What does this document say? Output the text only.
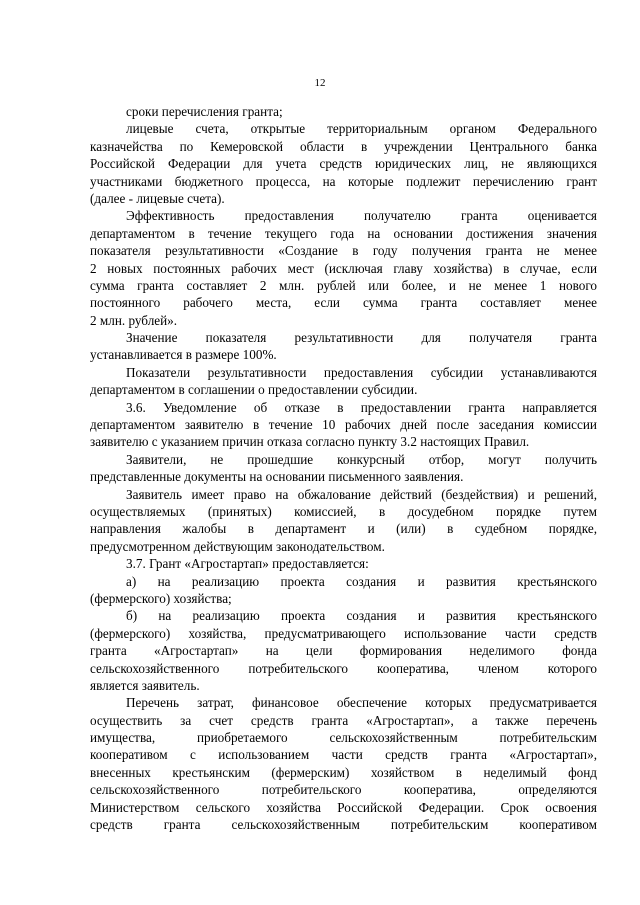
12
сроки перечисления гранта;
лицевые счета, открытые территориальным органом Федерального
казначейства по Кемеровской области в учреждении Центрального банка
Российской Федерации для учета средств юридических лиц, не являющихся
участниками бюджетного процесса, на которые подлежит перечислению грант
(далее - лицевые счета).
Эффективность предоставления получателю гранта оценивается
департаментом в течение текущего года на основании достижения значения
показателя результативности «Создание в году получения гранта не менее
2 новых постоянных рабочих мест (исключая главу хозяйства) в случае, если
сумма гранта составляет 2 млн. рублей или более, и не менее 1 нового
постоянного рабочего места, если сумма гранта составляет менее
2 млн. рублей».
Значение показателя результативности для получателя гранта
устанавливается в размере 100%.
Показатели результативности предоставления субсидии устанавливаются
департаментом в соглашении о предоставлении субсидии.
3.6. Уведомление об отказе в предоставлении гранта направляется
департаментом заявителю в течение 10 рабочих дней после заседания комиссии
заявителю с указанием причин отказа согласно пункту 3.2 настоящих Правил.
Заявители, не прошедшие конкурсный отбор, могут получить
представленные документы на основании письменного заявления.
Заявитель имеет право на обжалование действий (бездействия) и решений,
осуществляемых (принятых) комиссией, в досудебном порядке путем
направления жалобы в департамент и (или) в судебном порядке,
предусмотренном действующим законодательством.
3.7. Грант «Агростартап» предоставляется:
а) на реализацию проекта создания и развития крестьянского
(фермерского) хозяйства;
б) на реализацию проекта создания и развития крестьянского
(фермерского) хозяйства, предусматривающего использование части средств
гранта «Агростартап» на цели формирования неделимого фонда
сельскохозяйственного потребительского кооператива, членом которого
является заявитель.
Перечень затрат, финансовое обеспечение которых предусматривается
осуществить за счет средств гранта «Агростартап», а также перечень
имущества, приобретаемого сельскохозяйственным потребительским
кооперативом с использованием части средств гранта «Агростартап»,
внесенных крестьянским (фермерским) хозяйством в неделимый фонд
сельскохозяйственного потребительского кооператива, определяются
Министерством сельского хозяйства Российской Федерации. Срок освоения
средств гранта сельскохозяйственным потребительским кооперативом
